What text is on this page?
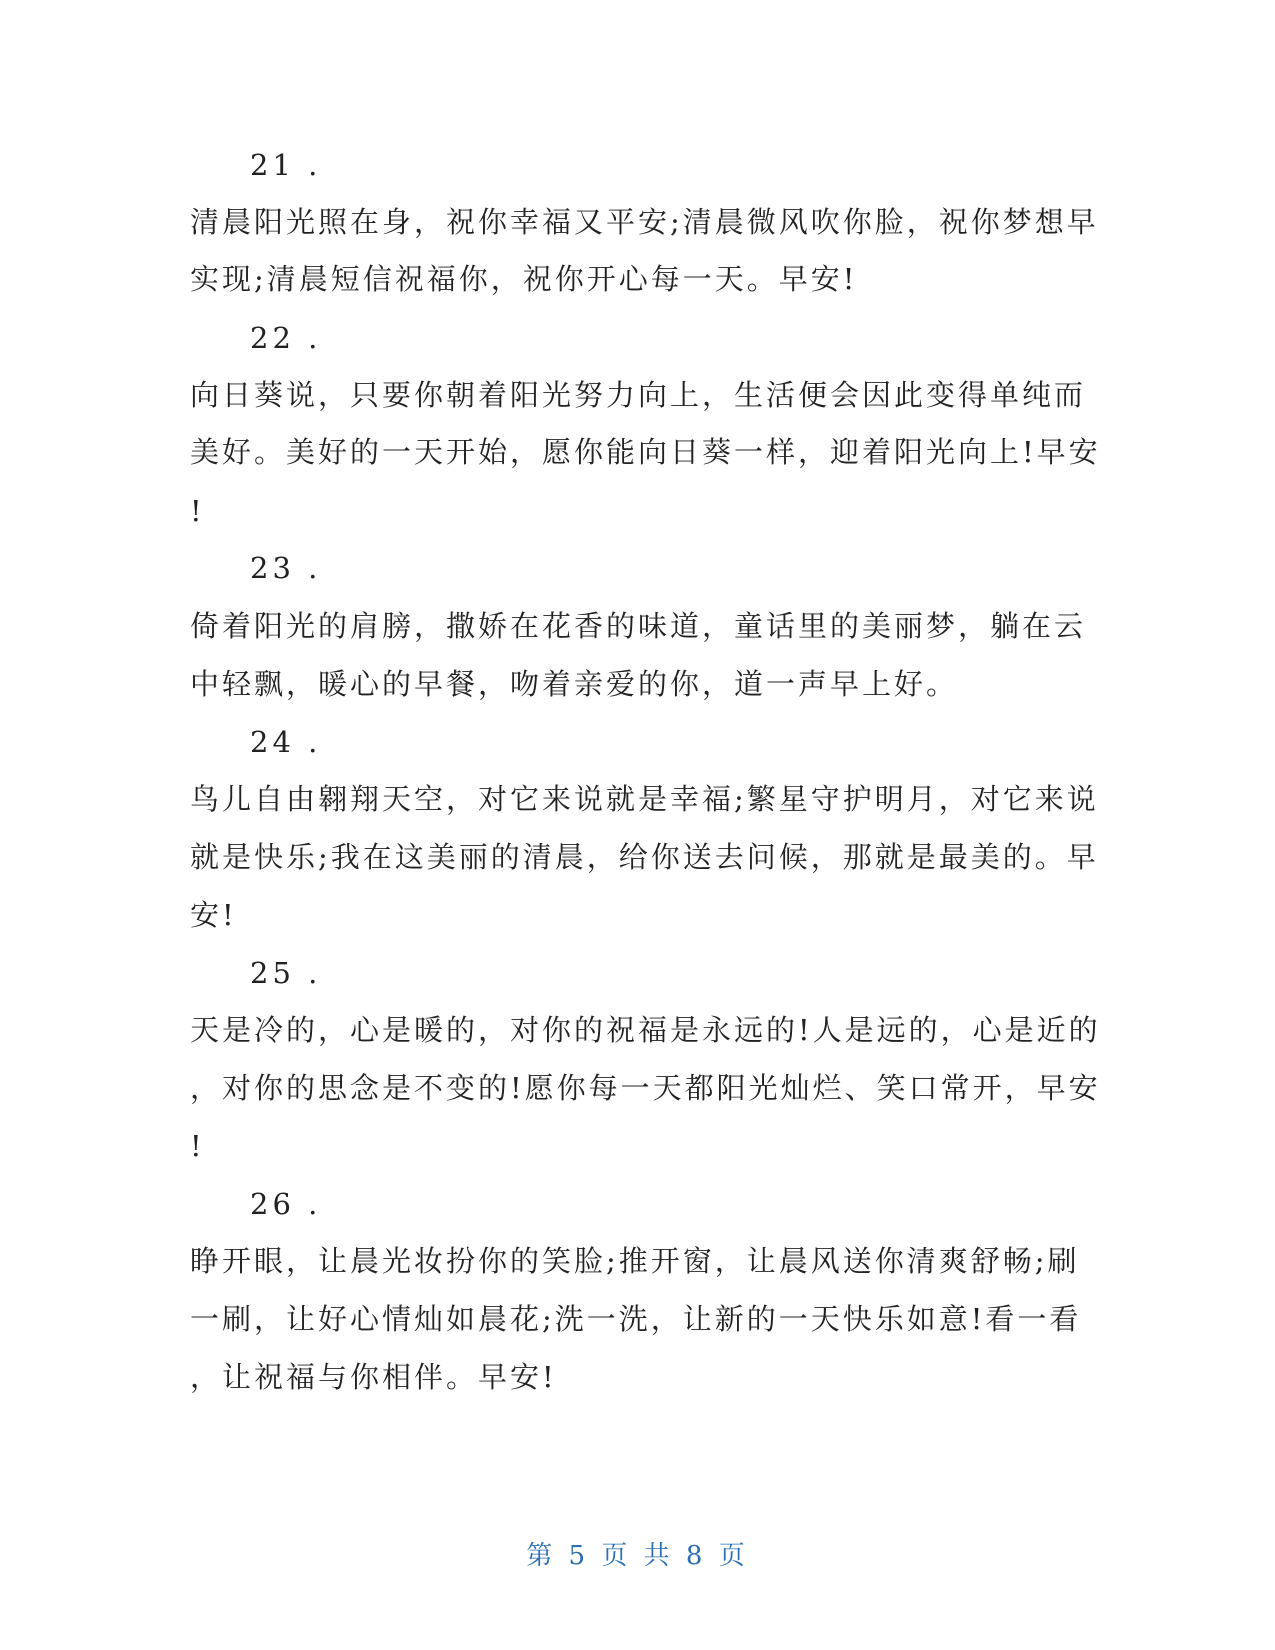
21 .
清晨阳光照在身，祝你幸福又平安;清晨微风吹你脸，祝你梦想早
实现;清晨短信祝福你，祝你开心每一天。早安!
22 .
向日葵说，只要你朝着阳光努力向上，生活便会因此变得单纯而
美好。美好的一天开始，愿你能向日葵一样，迎着阳光向上!早安
!
23 .
倚着阳光的肩膀，撒娇在花香的味道，童话里的美丽梦，躺在云
中轻飘，暖心的早餐，吻着亲爱的你，道一声早上好。
24 .
鸟儿自由翱翔天空，对它来说就是幸福;繁星守护明月，对它来说
就是快乐;我在这美丽的清晨，给你送去问候，那就是最美的。早
安!
25 .
天是冷的，心是暖的，对你的祝福是永远的!人是远的，心是近的
，对你的思念是不变的!愿你每一天都阳光灿烂、笑口常开，早安
!
26 .
睁开眼，让晨光妆扮你的笑脸;推开窗，让晨风送你清爽舒畅;刷
一刷，让好心情灿如晨花;洗一洗，让新的一天快乐如意!看一看
，让祝福与你相伴。早安!
第 5 页 共 8 页
